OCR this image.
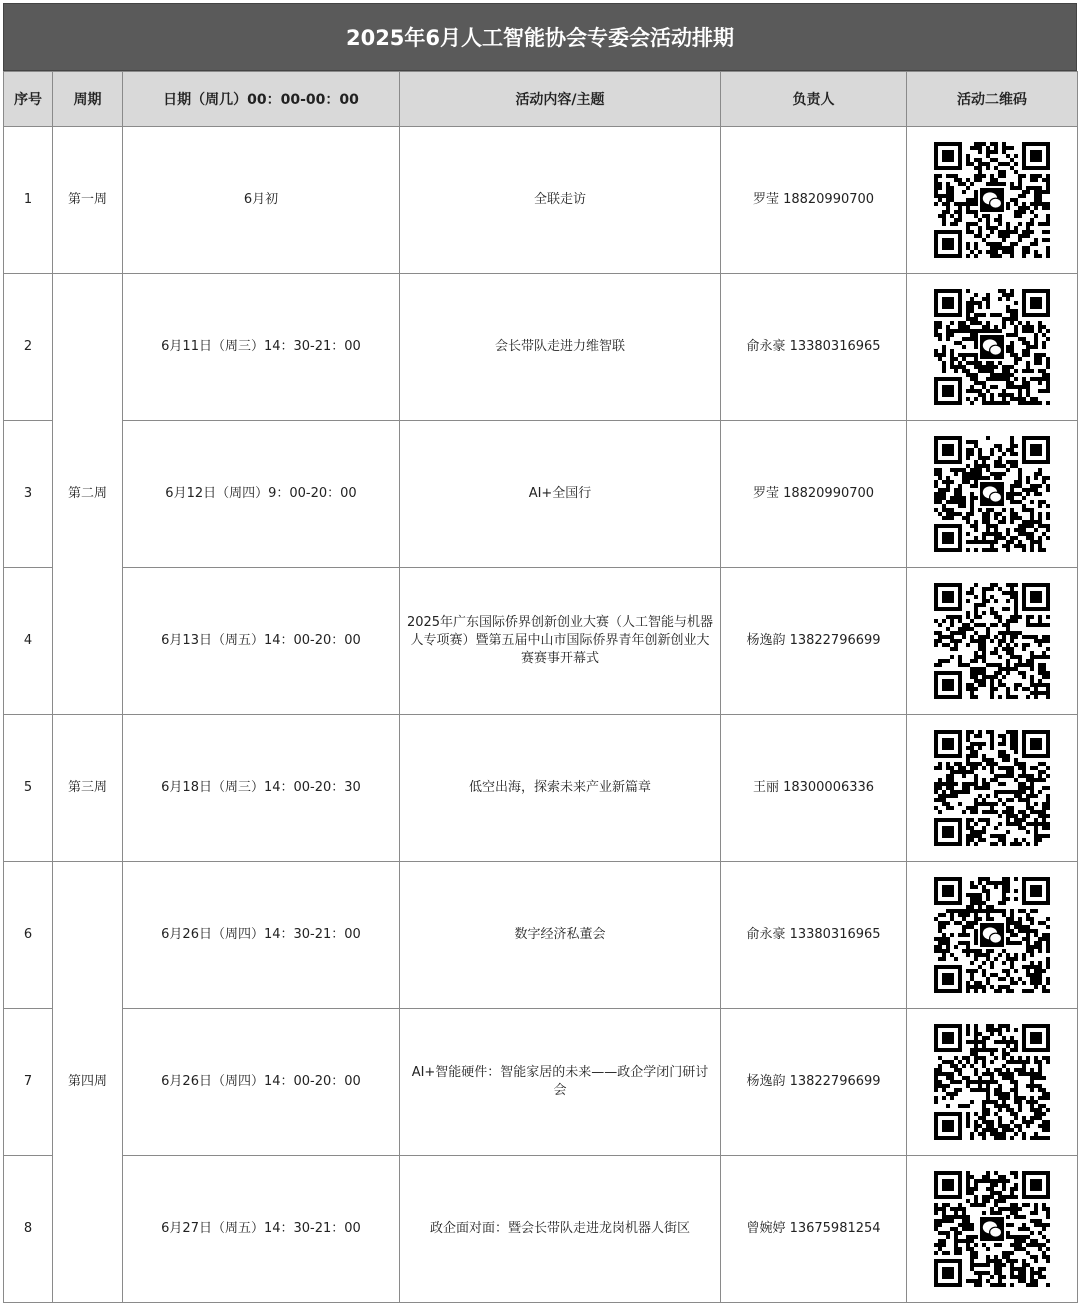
2025年6月人工智能协会专委会活动排期
序号	周期	日期（周几）00：00-00：00	活动内容/主题	负责人	活动二维码
1	第一周	6月初	全联走访	罗莹 18820990700	

2	第二周	6月11日（周三）14：30-21：00	会长带队走进力维智联	俞永豪 13380316965	

3		6月12日（周四）9：00-20：00	AI+全国行	罗莹 18820990700	

4		6月13日（周五）14：00-20：00	2025年广东国际侨界创新创业大赛（人工智能与机器人专项赛）暨第五届中山市国际侨界青年创新创业大赛赛事开幕式	杨逸韵 13822796699	

5	第三周	6月18日（周三）14：00-20：30	低空出海，探索未来产业新篇章	王丽 18300006336	

6	第四周	6月26日（周四）14：30-21：00	数字经济私董会	俞永豪 13380316965	

7		6月26日（周四）14：00-20：00	AI+智能硬件：智能家居的未来——政企学闭门研讨会	杨逸韵 13822796699	

8		6月27日（周五）14：30-21：00	政企面对面：暨会长带队走进龙岗机器人街区	曾婉婷 13675981254	
